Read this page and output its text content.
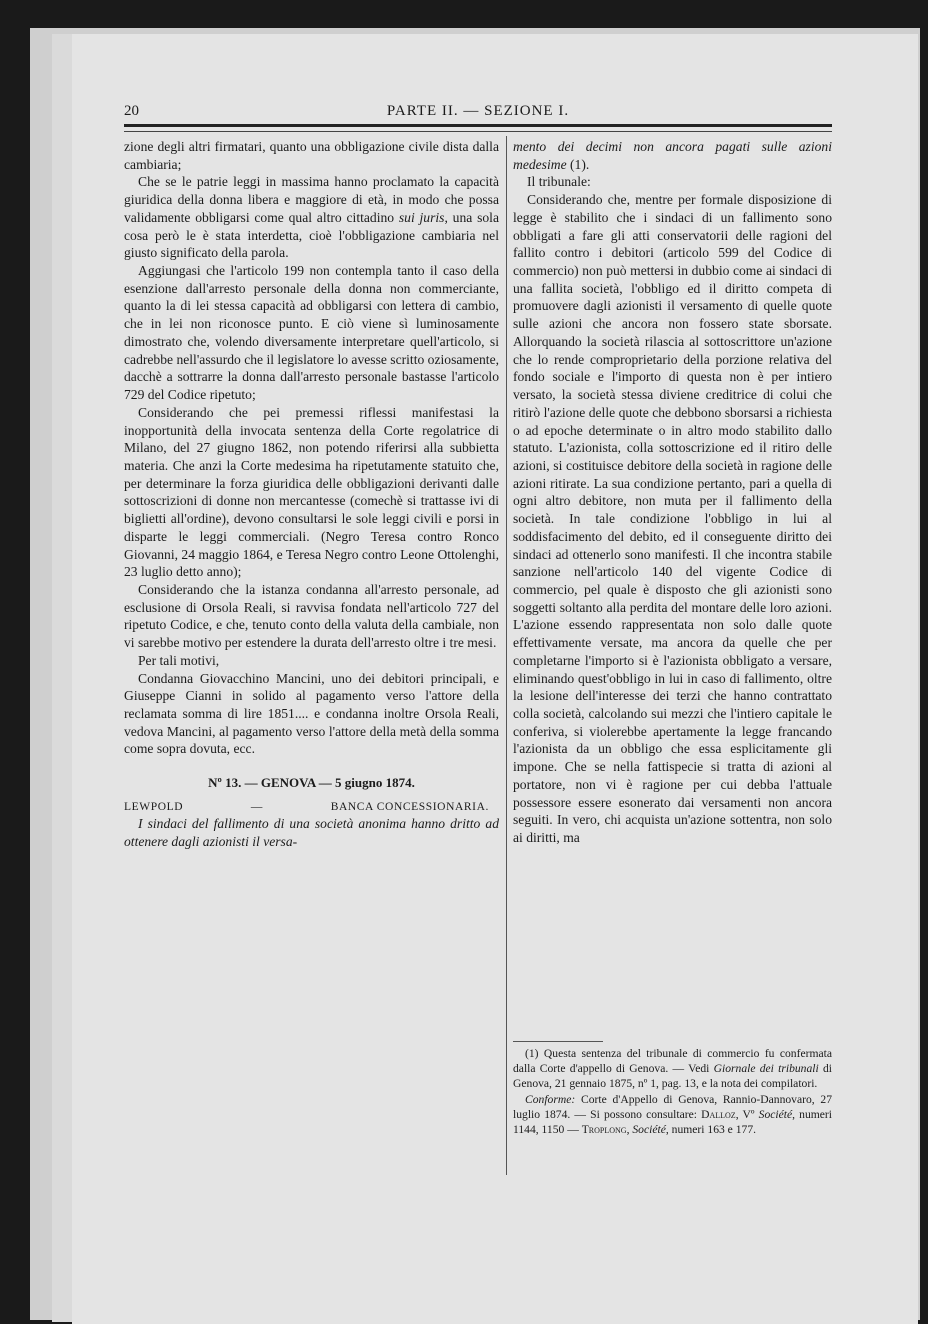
20	PARTE II. — SEZIONE I.

zione degli altri firmatari, quanto una obbligazione civile dista dalla cambiaria;

Che se le patrie leggi in massima hanno proclamato la capacità giuridica della donna libera e maggiore di età, in modo che possa validamente obbligarsi come qual altro cittadino sui juris, una sola cosa però le è stata interdetta, cioè l'obbligazione cambiaria nel giusto significato della parola.

Aggiungasi che l'articolo 199 non contempla tanto il caso della esenzione dall'arresto personale della donna non commerciante, quanto la di lei stessa capacità ad obbligarsi con lettera di cambio, che in lei non riconosce punto. E ciò viene sì luminosamente dimostrato che, volendo diversamente interpretare quell'articolo, si cadrebbe nell'assurdo che il legislatore lo avesse scritto oziosamente, dacchè a sottrarre la donna dall'arresto personale bastasse l'articolo 729 del Codice ripetuto;

Considerando che pei premessi riflessi manifestasi la inopportunità della invocata sentenza della Corte regolatrice di Milano, del 27 giugno 1862, non potendo riferirsi alla subbietta materia. Che anzi la Corte medesima ha ripetutamente statuito che, per determinare la forza giuridica delle obbligazioni derivanti dalle sottoscrizioni di donne non mercantesse (comechè si trattasse ivi di biglietti all'ordine), devono consultarsi le sole leggi civili e porsi in disparte le leggi commerciali. (Negro Teresa contro Ronco Giovanni, 24 maggio 1864, e Teresa Negro contro Leone Ottolenghi, 23 luglio detto anno);

Considerando che la istanza condanna all'arresto personale, ad esclusione di Orsola Reali, si ravvisa fondata nell'articolo 727 del ripetuto Codice, e che, tenuto conto della valuta della cambiale, non vi sarebbe motivo per estendere la durata dell'arresto oltre i tre mesi.

Per tali motivi,

Condanna Giovacchino Mancini, uno dei debitori principali, e Giuseppe Cianni in solido al pagamento verso l'attore della reclamata somma di lire 1851.... e condanna inoltre Orsola Reali, vedova Mancini, al pagamento verso l'attore della metà della somma come sopra dovuta, ecc.

Nº 13. — GENOVA — 5 giugno 1874.
LEWPOLD	—	BANCA CONCESSIONARIA.

I sindaci del fallimento di una società anonima hanno dritto ad ottenere dagli azionisti il versa-

mento dei decimi non ancora pagati sulle azioni medesime (1).

Il tribunale:

Considerando che, mentre per formale disposizione di legge è stabilito che i sindaci di un fallimento sono obbligati a fare gli atti conservatorii delle ragioni del fallito contro i debitori (articolo 599 del Codice di commercio) non può mettersi in dubbio come ai sindaci di una fallita società, l'obbligo ed il diritto competa di promuovere dagli azionisti il versamento di quelle quote sulle azioni che ancora non fossero state sborsate. Allorquando la società rilascia al sottoscrittore un'azione che lo rende comproprietario della porzione relativa del fondo sociale e l'importo di questa non è per intiero versato, la società stessa diviene creditrice di colui che ritirò l'azione delle quote che debbono sborsarsi a richiesta o ad epoche determinate o in altro modo stabilito dallo statuto. L'azionista, colla sottoscrizione ed il ritiro delle azioni, si costituisce debitore della società in ragione delle azioni ritirate. La sua condizione pertanto, pari a quella di ogni altro debitore, non muta per il fallimento della società. In tale condizione l'obbligo in lui al soddisfacimento del debito, ed il conseguente diritto dei sindaci ad ottenerlo sono manifesti. Il che incontra stabile sanzione nell'articolo 140 del vigente Codice di commercio, pel quale è disposto che gli azionisti sono soggetti soltanto alla perdita del montare delle loro azioni. L'azione essendo rappresentata non solo dalle quote effettivamente versate, ma ancora da quelle che per completarne l'importo si è l'azionista obbligato a versare, eliminando quest'obbligo in lui in caso di fallimento, oltre la lesione dell'interesse dei terzi che hanno contrattato colla società, calcolando sui mezzi che l'intiero capitale le conferiva, si violerebbe apertamente la legge francando l'azionista da un obbligo che essa esplicitamente gli impone. Che se nella fattispecie si tratta di azioni al portatore, non vi è ragione per cui debba l'attuale possessore essere esonerato dai versamenti non ancora seguiti. In vero, chi acquista un'azione sottentra, non solo ai diritti, ma

(1) Questa sentenza del tribunale di commercio fu confermata dalla Corte d'appello di Genova. — Vedi Giornale dei tribunali di Genova, 21 gennaio 1875, nº 1, pag. 13, e la nota dei compilatori.

Conforme: Corte d'Appello di Genova, Rannio-Dannovaro, 27 luglio 1874. — Si possono consultare: Dalloz, Vº Société, numeri 1144, 1150 — Troplong, Société, numeri 163 e 177.
